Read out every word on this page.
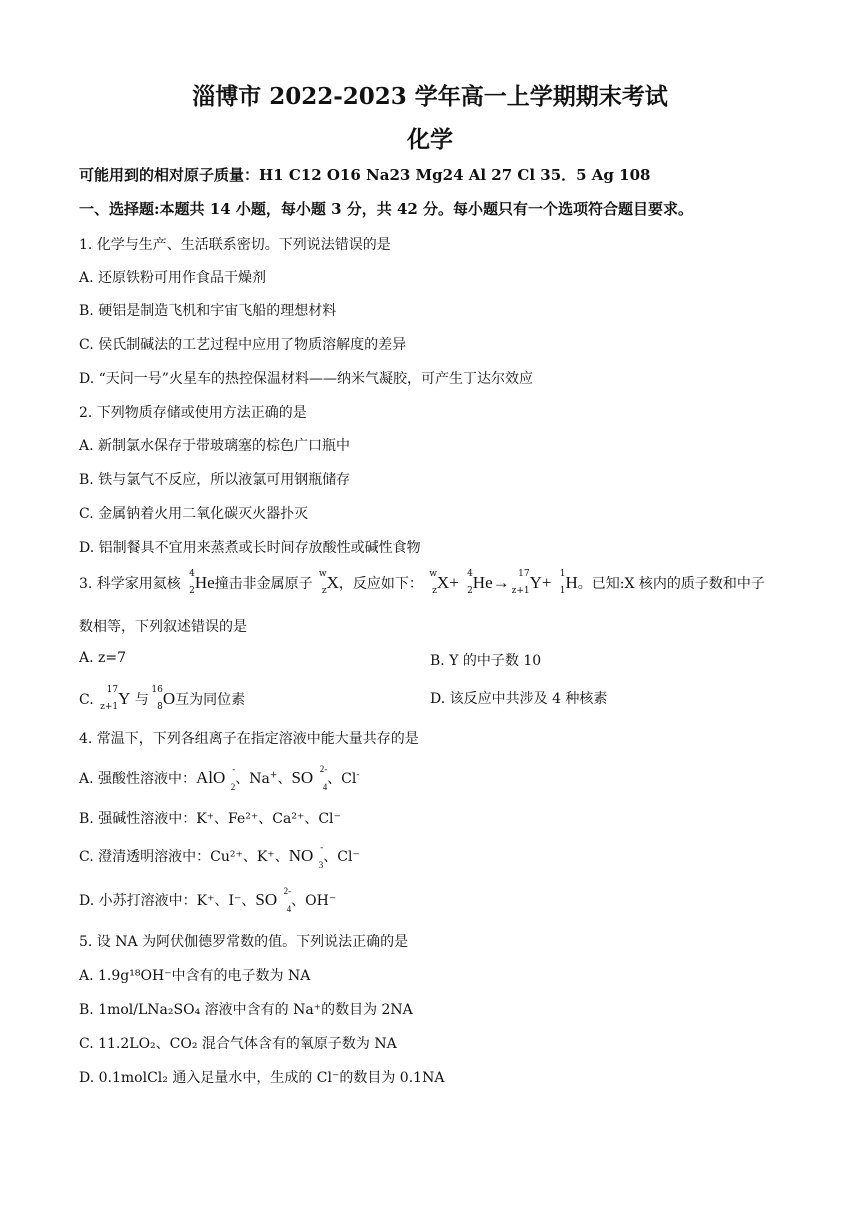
淄博市 2022-2023 学年高一上学期期末考试
化学
可能用到的相对原子质量：H1 C12 O16 Na23 Mg24 Al 27 Cl 35．5 Ag 108
一、选择题:本题共 14 小题，每小题 3 分，共 42 分。每小题只有一个选项符合题目要求。
1. 化学与生产、生活联系密切。下列说法错误的是
A. 还原铁粉可用作食品干燥剂
B. 硬铝是制造飞机和宇宙飞船的理想材料
C. 侯氏制碱法的工艺过程中应用了物质溶解度的差异
D. “天问一号”火星车的热控保温材料——纳米气凝胶，可产生丁达尔效应
2. 下列物质存储或使用方法正确的是
A. 新制氯水保存于带玻璃塞的棕色广口瓶中
B. 铁与氯气不反应，所以液氯可用钢瓶储存
C. 金属钠着火用二氧化碳灭火器扑灭
D. 铝制餐具不宜用来蒸煮或长时间存放酸性或碱性食物
3. 科学家用氦核
4
2 He撞击非金属原子
w
z X，反应如下：
w
z X+ 4
2 He→ 17
z+1 Y+ 1
1 H。已知:X 核内的质子数和中子
数相等，下列叙述错误的是
A. z=7	B. Y 的中子数 10
C.
17
z+1 Y 与
16
8 O互为同位素	D. 该反应中共涉及 4 种核素
4. 常温下，下列各组离子在指定溶液中能大量共存的是
A. 强酸性溶液中：AlO -
2 、Na+、SO 2-
4 、Cl-
B. 强碱性溶液中：K⁺、Fe²⁺、Ca²⁺、Cl⁻
C. 澄清透明溶液中：Cu²⁺、K⁺、NO -
3 、Cl⁻
D. 小苏打溶液中：K⁺、I⁻、SO 2-
4 、OH⁻
5. 设 NA 为阿伏伽德罗常数的值。下列说法正确的是
A. 1.9g¹⁸OH⁻中含有的电子数为 NA
B. 1mol/LNa₂SO₄ 溶液中含有的 Na⁺的数目为 2NA
C. 11.2LO₂、CO₂ 混合气体含有的氧原子数为 NA
D. 0.1molCl₂ 通入足量水中，生成的 Cl⁻的数目为 0.1NA
